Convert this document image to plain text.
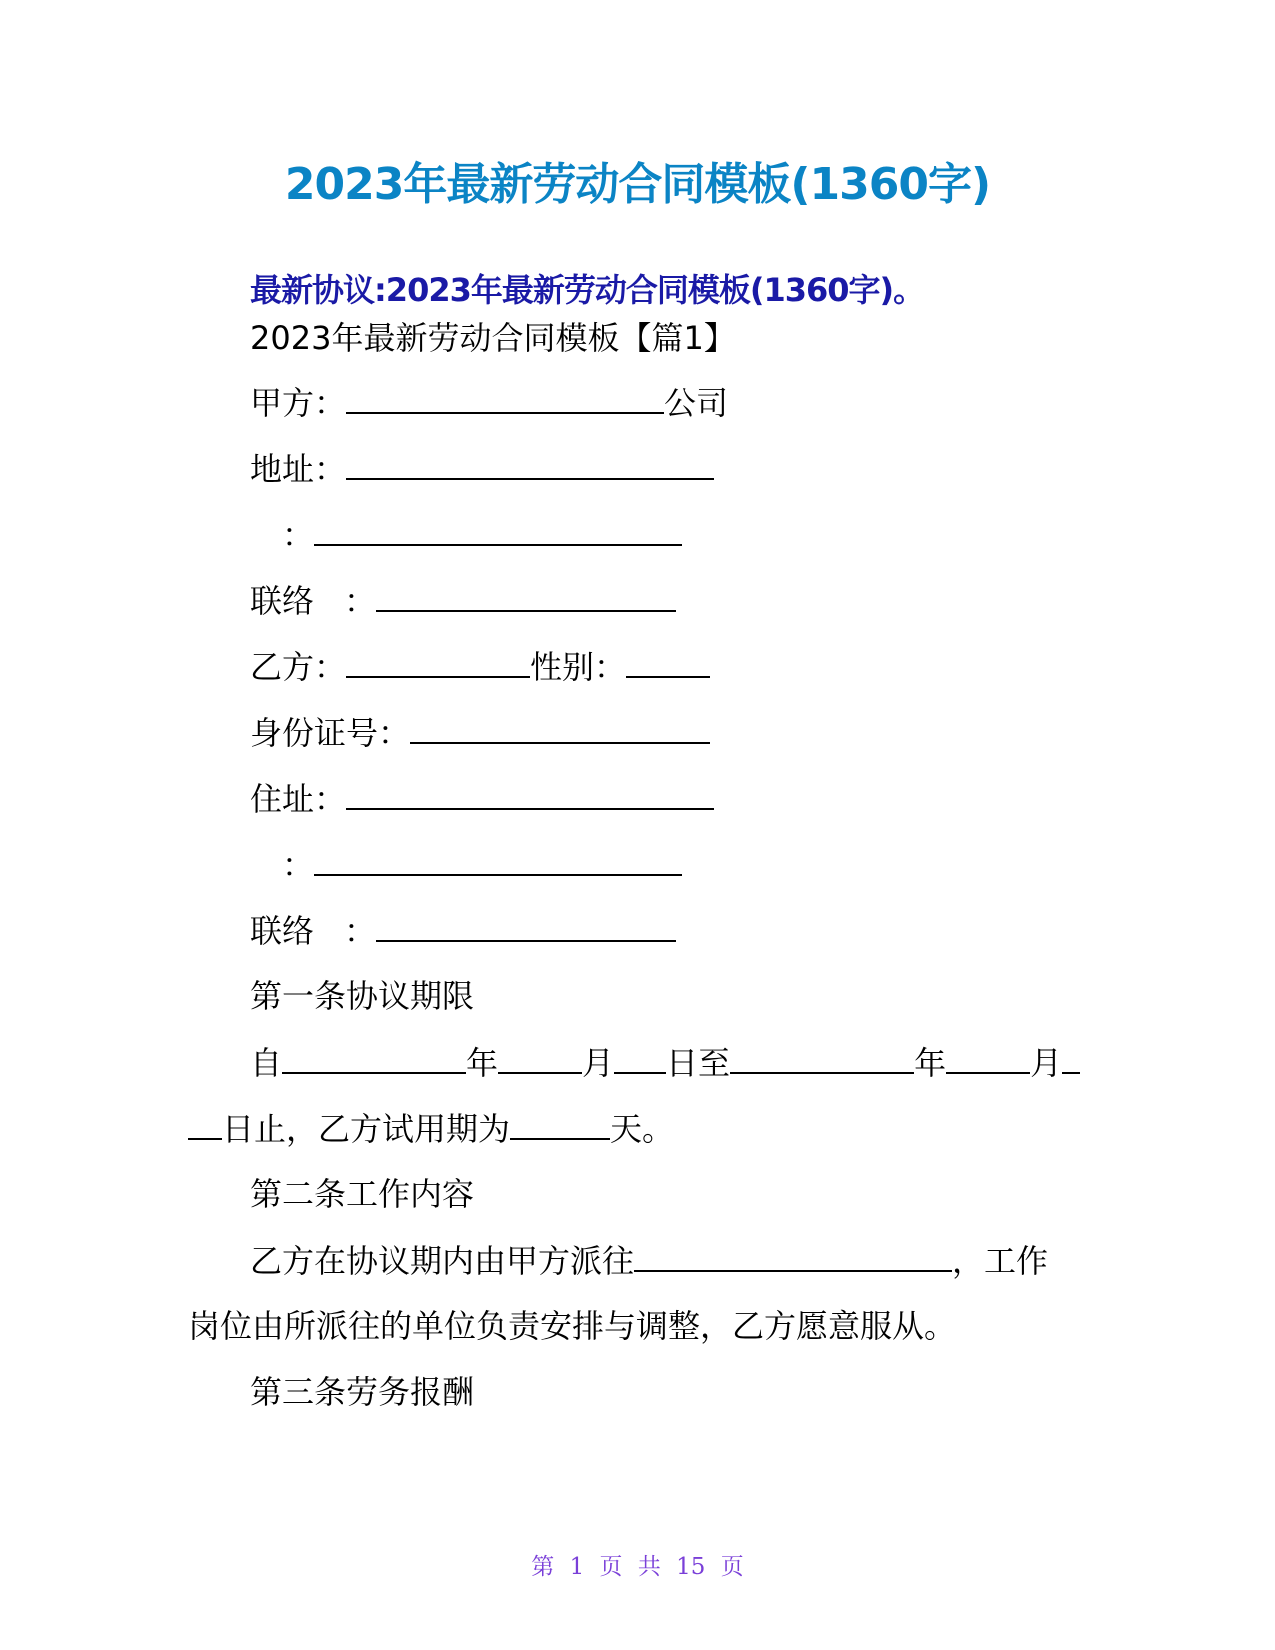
2023年最新劳动合同模板(1360字)
最新协议:2023年最新劳动合同模板(1360字)。
2023年最新劳动合同模板【篇1】
甲方：	公司
地址：
：
联络 ：
乙方：	性别：
身份证号：
住址：
：
联络 ：
第一条协议期限
自	年	月 日至	年	月
日止，乙方试用期为	天。
第二条工作内容
乙方在协议期内由甲方派往	，工作
岗位由所派往的单位负责安排与调整，乙方愿意服从。
第三条劳务报酬
第 1 页 共 15 页
